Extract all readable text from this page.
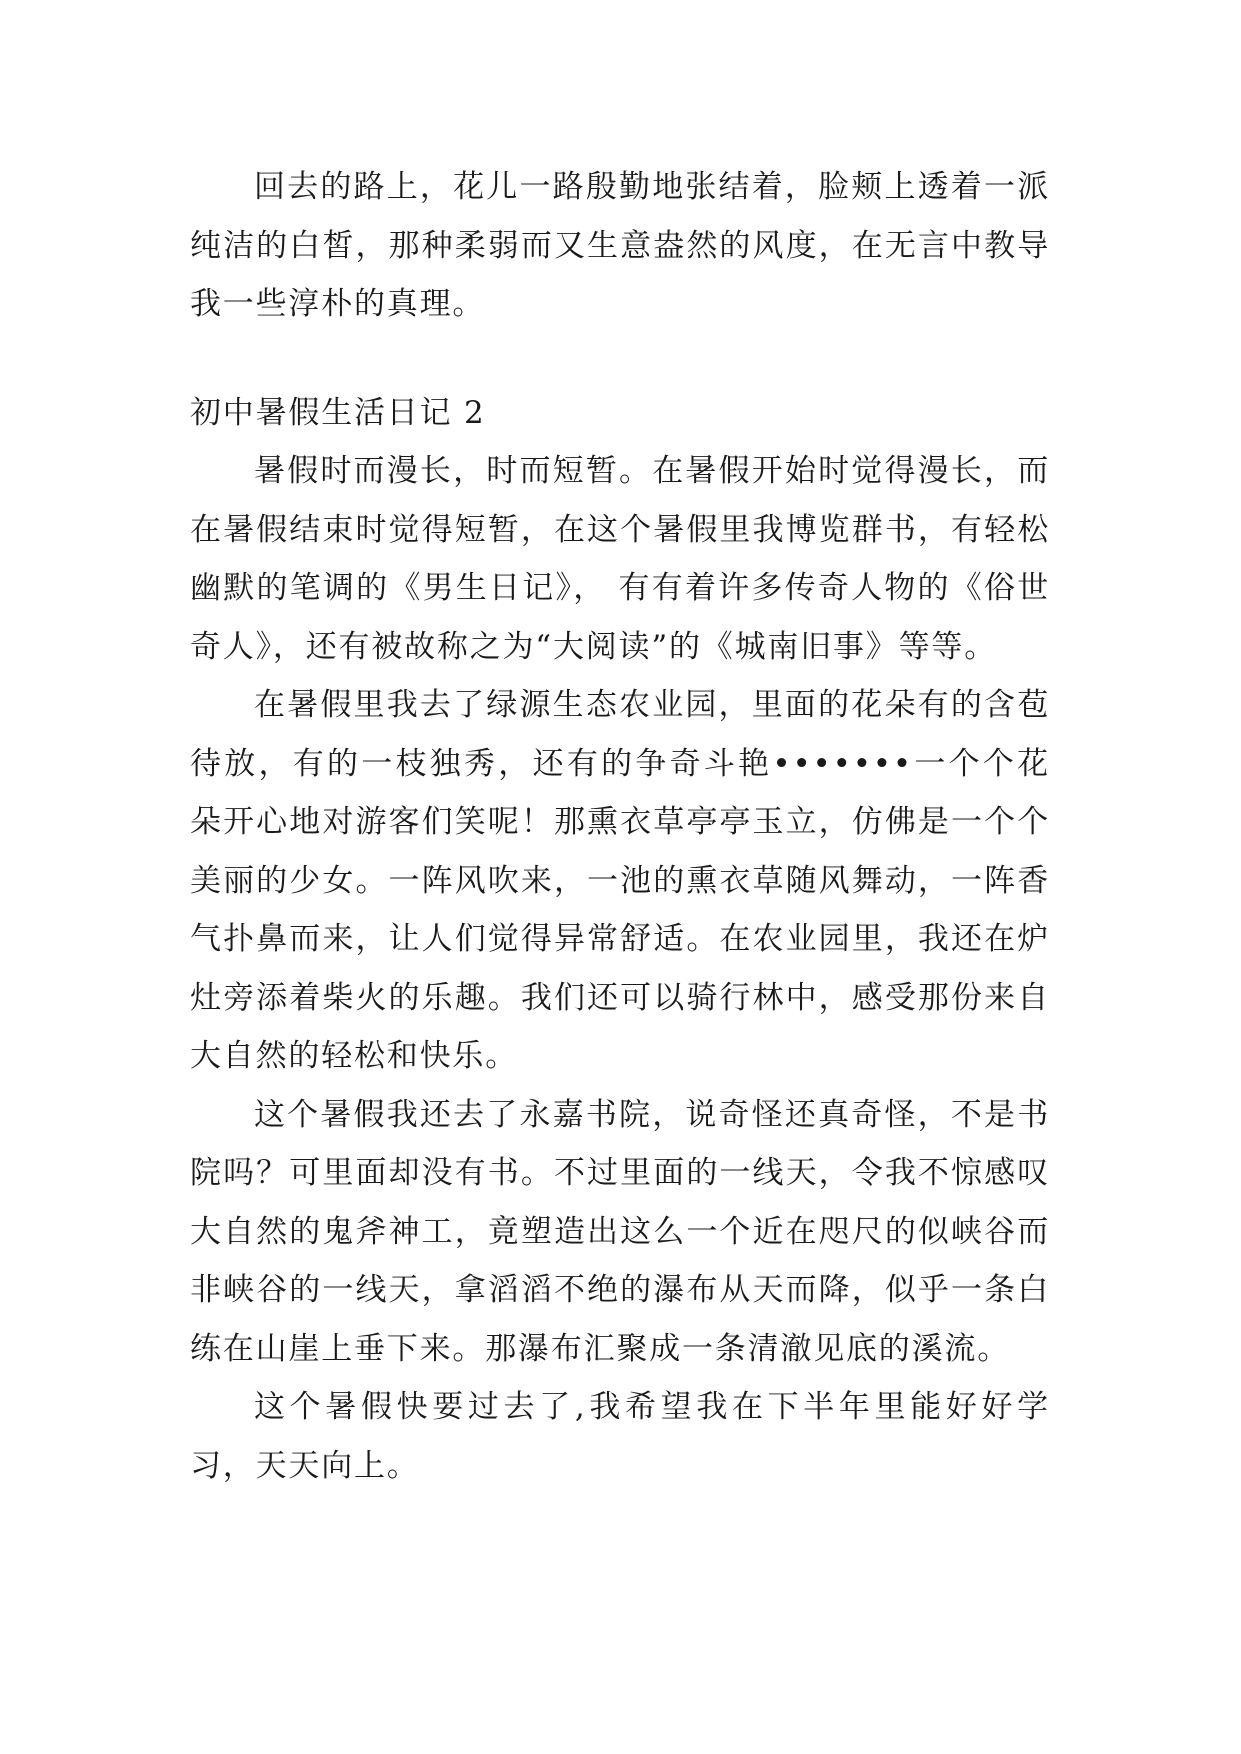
回去的路上，花儿一路殷勤地张结着，脸颊上透着一派纯洁的白皙，那种柔弱而又生意盎然的风度，在无言中教导我一些淳朴的真理。

初中暑假生活日记 2

暑假时而漫长，时而短暂。在暑假开始时觉得漫长，而在暑假结束时觉得短暂，在这个暑假里我博览群书，有轻松幽默的笔调的《男生日记》， 有有着许多传奇人物的《俗世奇人》，还有被故称之为“大阅读”的《城南旧事》等等。

在暑假里我去了绿源生态农业园，里面的花朵有的含苞待放，有的一枝独秀，还有的争奇斗艳•••••••一个个花朵开心地对游客们笑呢！那熏衣草亭亭玉立，仿佛是一个个美丽的少女。一阵风吹来，一池的熏衣草随风舞动，一阵香气扑鼻而来，让人们觉得异常舒适。在农业园里，我还在炉灶旁添着柴火的乐趣。我们还可以骑行林中，感受那份来自大自然的轻松和快乐。

这个暑假我还去了永嘉书院，说奇怪还真奇怪，不是书院吗？可里面却没有书。不过里面的一线天，令我不惊感叹大自然的鬼斧神工，竟塑造出这么一个近在咫尺的似峡谷而非峡谷的一线天，拿滔滔不绝的瀑布从天而降，似乎一条白练在山崖上垂下来。那瀑布汇聚成一条清澈见底的溪流。

这个暑假快要过去了,我希望我在下半年里能好好学习，天天向上。
